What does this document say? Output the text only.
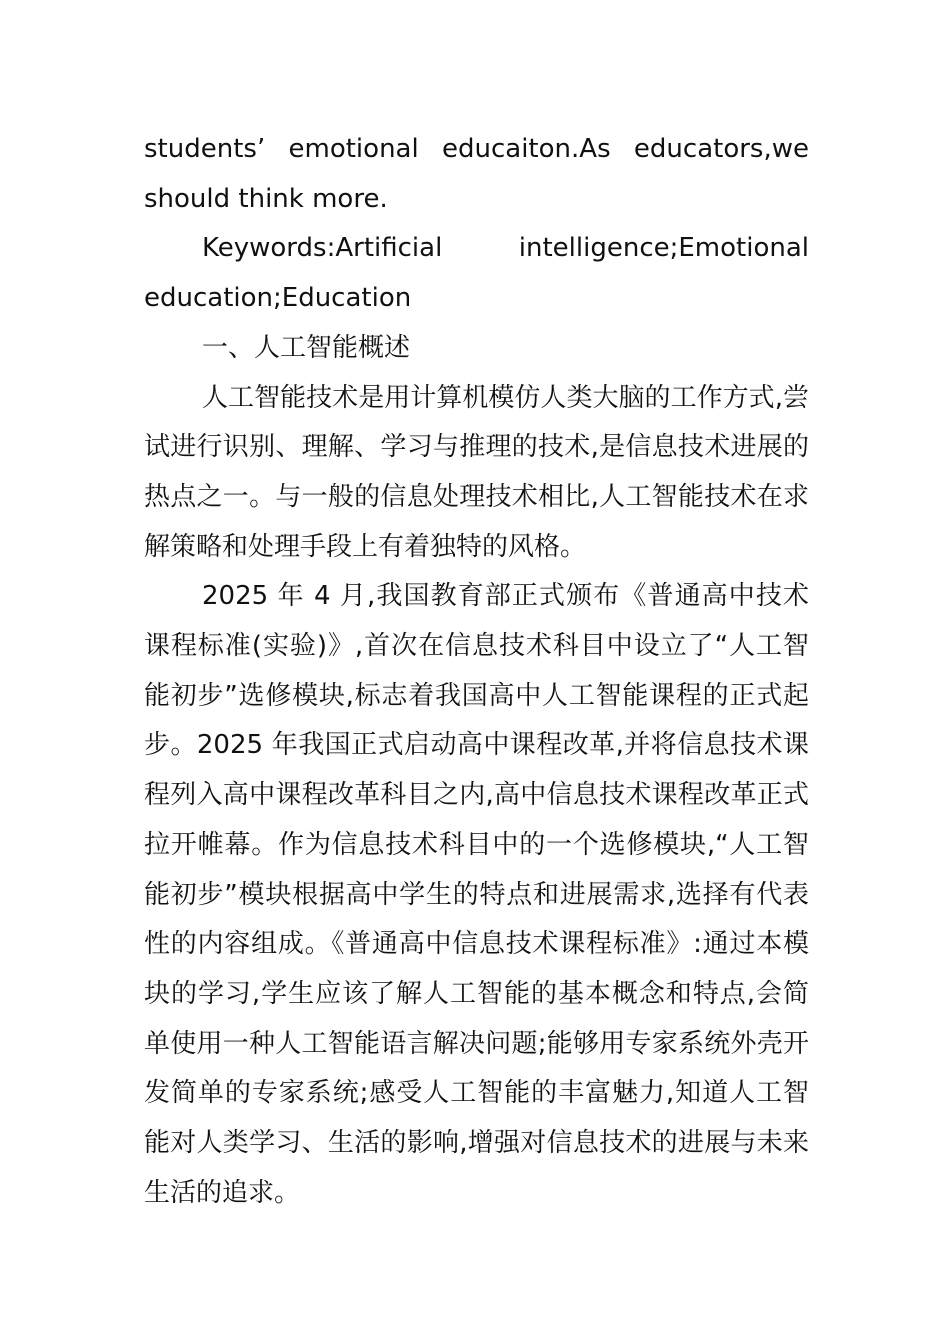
students’ emotional educaiton.As educators,we should think more.

Keywords:Artificial intelligence;Emotional education;Education

一、人工智能概述

人工智能技术是用计算机模仿人类大脑的工作方式,尝试进行识别、理解、学习与推理的技术,是信息技术进展的热点之一。与一般的信息处理技术相比,人工智能技术在求解策略和处理手段上有着独特的风格。

2025 年 4 月,我国教育部正式颁布《普通高中技术课程标准(实验)》,首次在信息技术科目中设立了“人工智能初步”选修模块,标志着我国高中人工智能课程的正式起步。2025 年我国正式启动高中课程改革,并将信息技术课程列入高中课程改革科目之内,高中信息技术课程改革正式拉开帷幕。作为信息技术科目中的一个选修模块,“人工智能初步”模块根据高中学生的特点和进展需求,选择有代表性的内容组成。《普通高中信息技术课程标准》:通过本模块的学习,学生应该了解人工智能的基本概念和特点,会简单使用一种人工智能语言解决问题;能够用专家系统外壳开发简单的专家系统;感受人工智能的丰富魅力,知道人工智能对人类学习、生活的影响,增强对信息技术的进展与未来生活的追求。
